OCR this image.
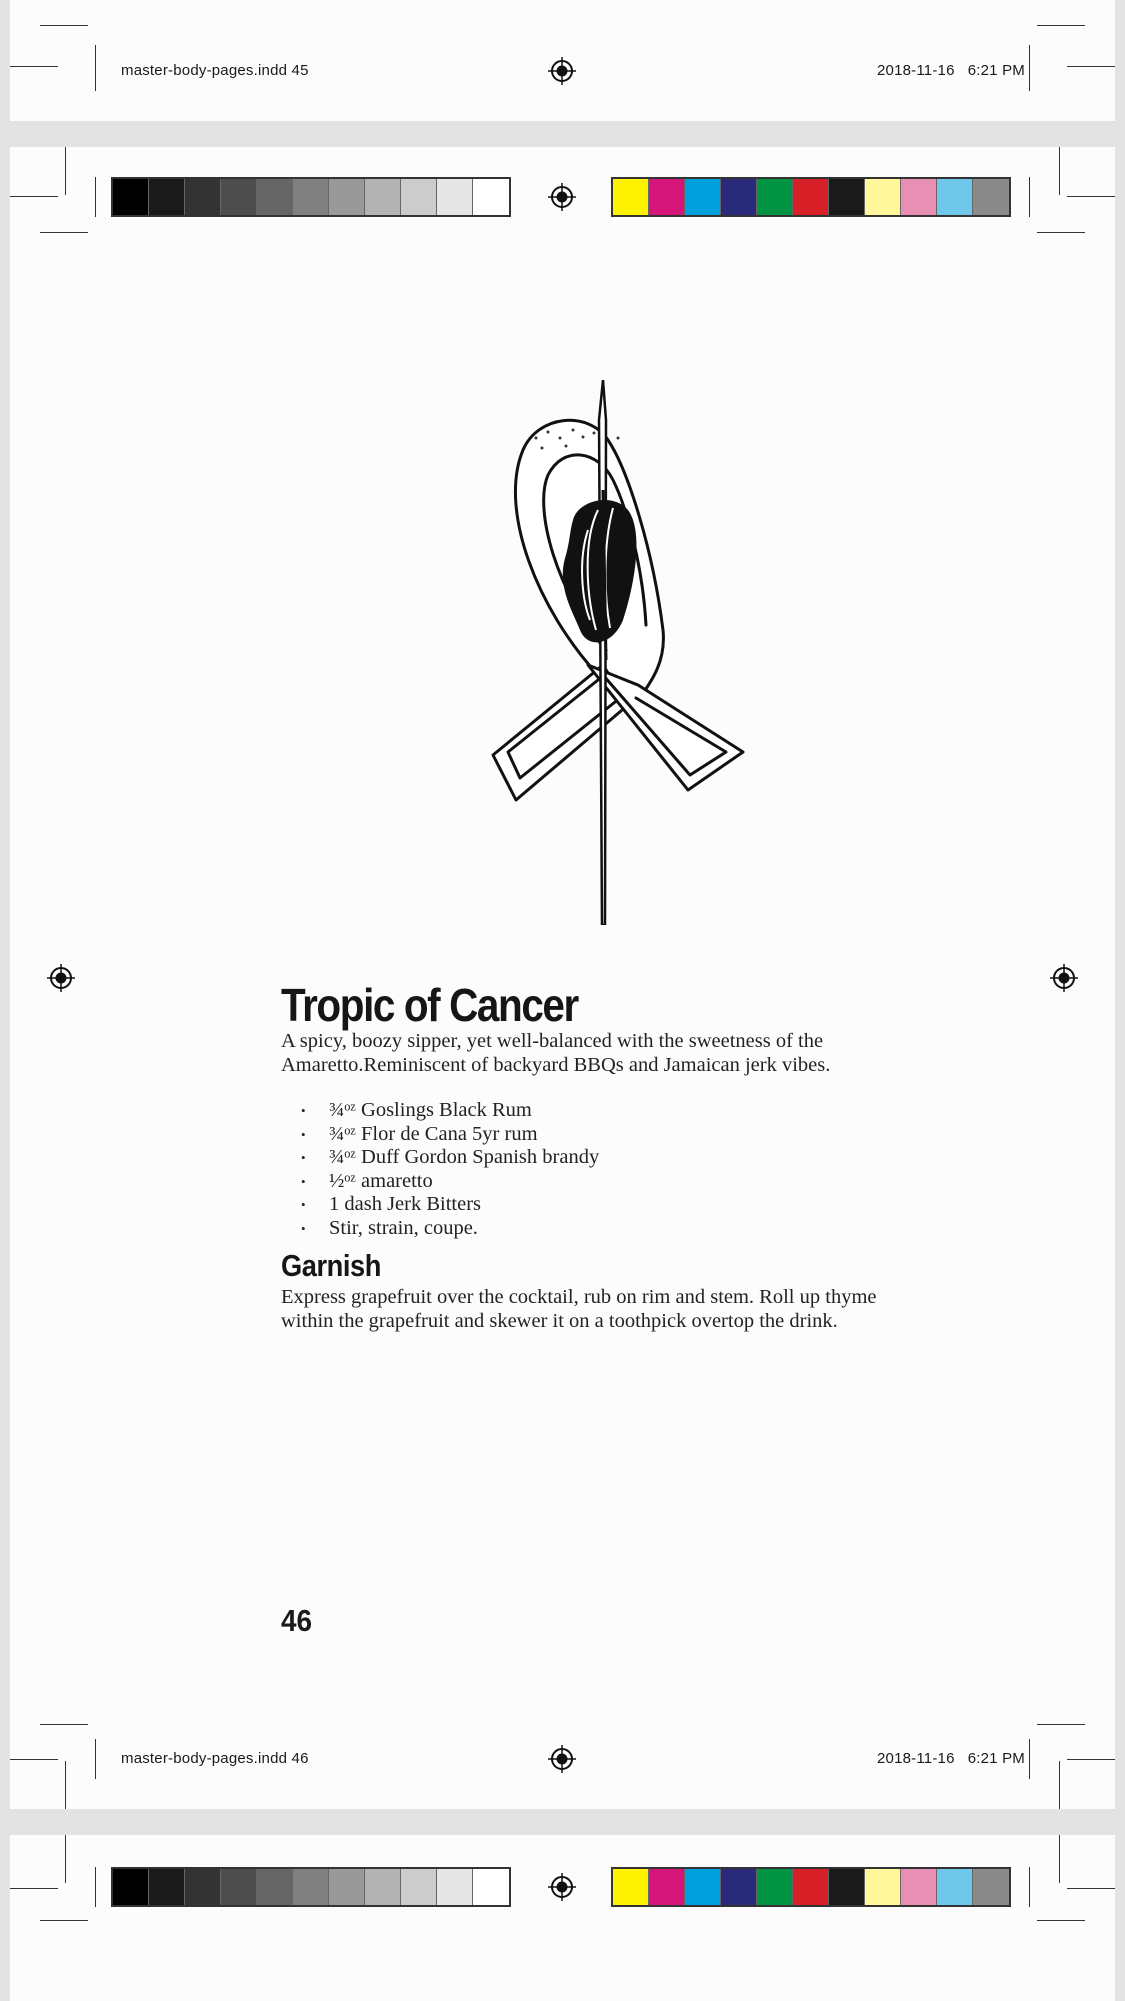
master-body-pages.indd 45	2018-11-16   6:21 PM
master-body-pages.indd 46	2018-11-16   6:21 PM
Tropic of Cancer

A spicy, boozy sipper, yet well-balanced with the sweetness of the Amaretto.Reminiscent of backyard BBQs and Jamaican jerk vibes.

• ¾ᵒᶻ Goslings Black Rum
• ¾ᵒᶻ Flor de Cana 5yr rum
• ¾ᵒᶻ Duff Gordon Spanish brandy
• ½ᵒᶻ amaretto
• 1 dash Jerk Bitters
• Stir, strain, coupe.
Garnish

Express grapefruit over the cocktail, rub on rim and stem. Roll up thyme within the grapefruit and skewer it on a toothpick overtop the drink.

46
